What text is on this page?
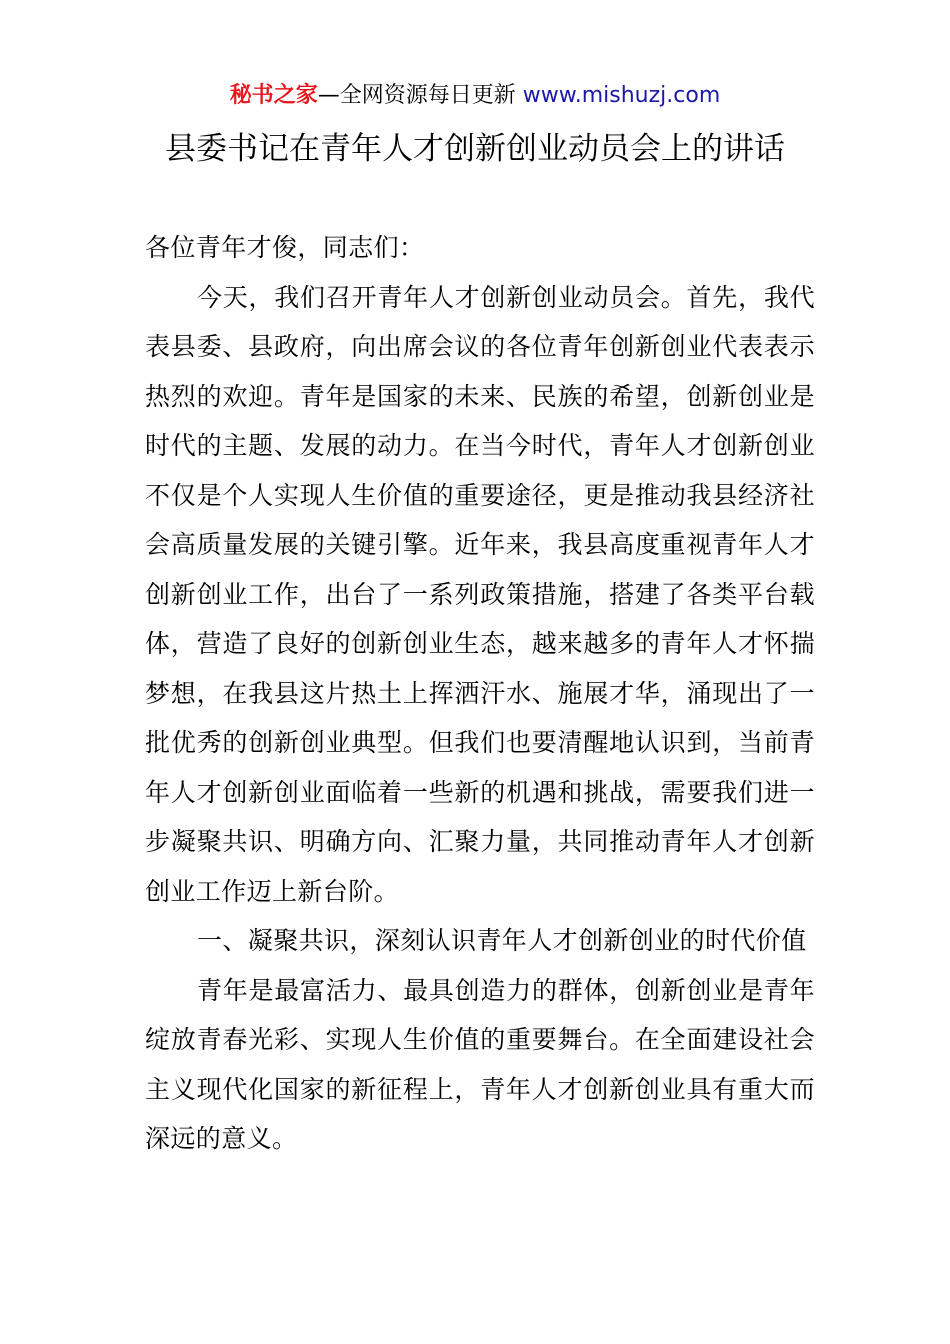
秘书之家—全网资源每日更新 www.mishuzj.com
县委书记在青年人才创新创业动员会上的讲话

各位青年才俊，同志们：

今天，我们召开青年人才创新创业动员会。首先，我代表县委、县政府，向出席会议的各位青年创新创业代表表示热烈的欢迎。青年是国家的未来、民族的希望，创新创业是时代的主题、发展的动力。在当今时代，青年人才创新创业不仅是个人实现人生价值的重要途径，更是推动我县经济社会高质量发展的关键引擎。近年来，我县高度重视青年人才创新创业工作，出台了一系列政策措施，搭建了各类平台载体，营造了良好的创新创业生态，越来越多的青年人才怀揣梦想，在我县这片热土上挥洒汗水、施展才华，涌现出了一批优秀的创新创业典型。但我们也要清醒地认识到，当前青年人才创新创业面临着一些新的机遇和挑战，需要我们进一步凝聚共识、明确方向、汇聚力量，共同推动青年人才创新创业工作迈上新台阶。

一、凝聚共识，深刻认识青年人才创新创业的时代价值

青年是最富活力、最具创造力的群体，创新创业是青年绽放青春光彩、实现人生价值的重要舞台。在全面建设社会主义现代化国家的新征程上，青年人才创新创业具有重大而深远的意义。
